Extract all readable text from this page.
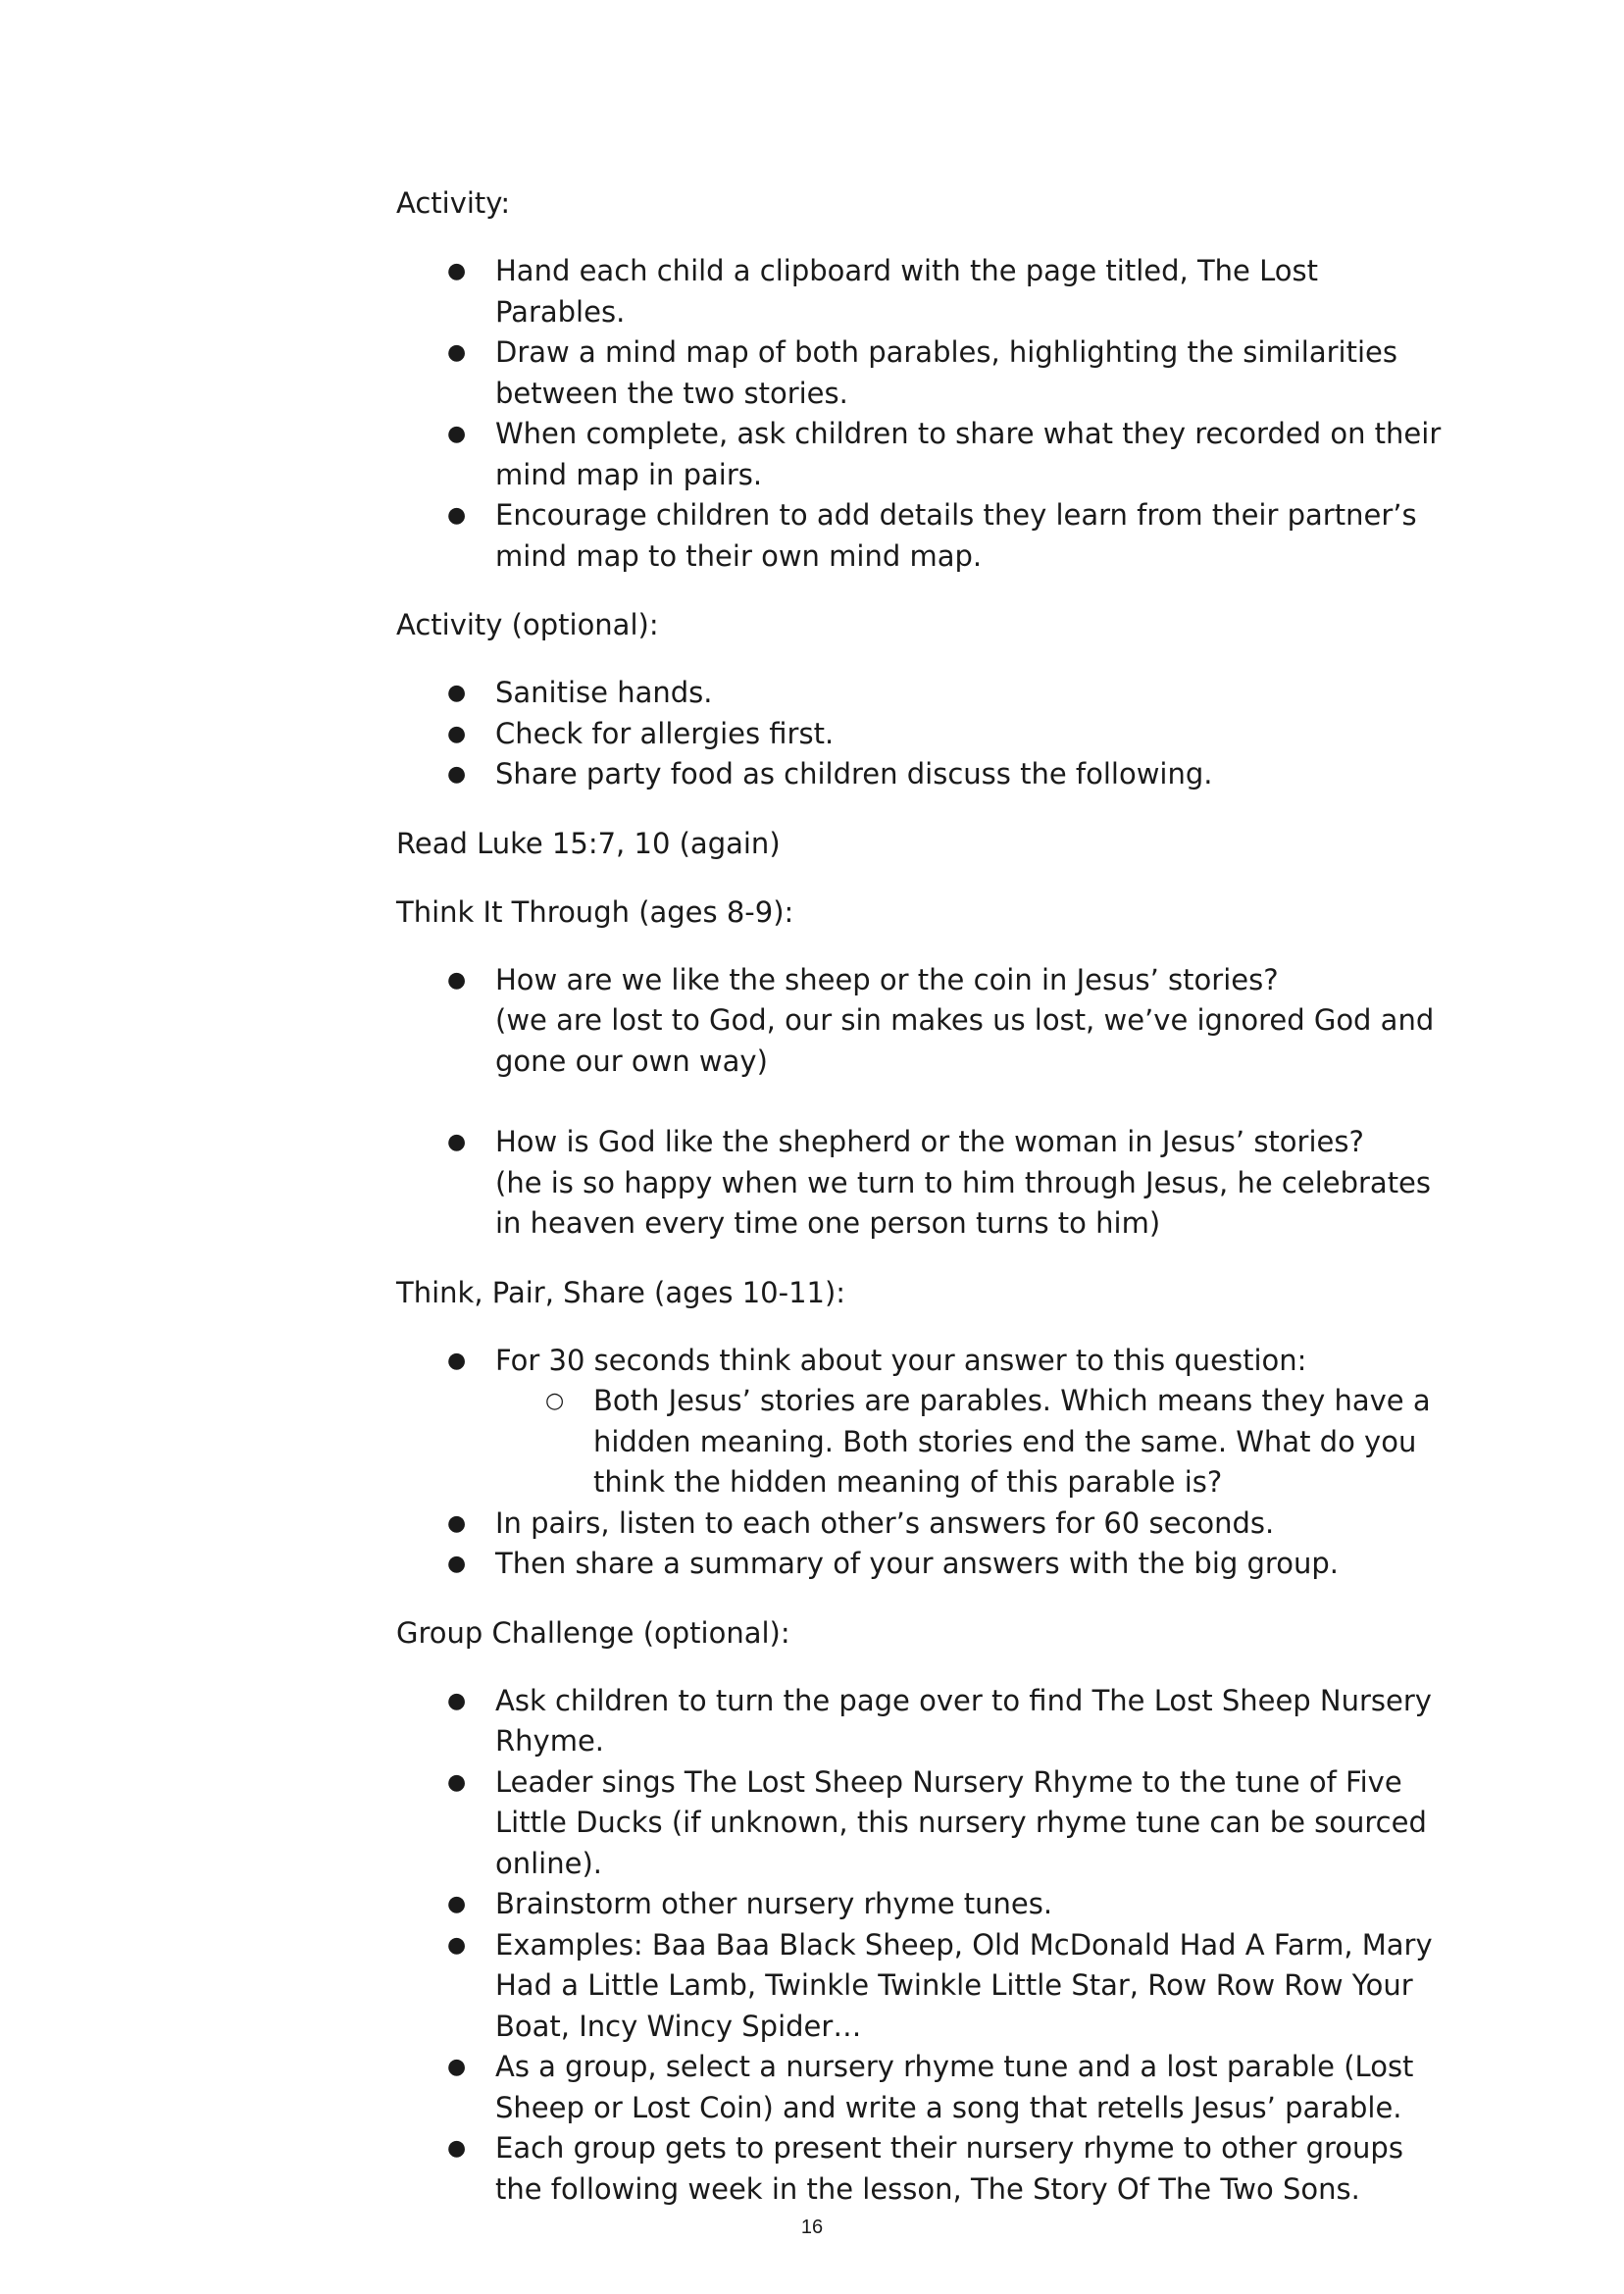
Activity:
● Hand each child a clipboard with the page titled, The Lost Parables.
● Draw a mind map of both parables, highlighting the similarities between the two stories.
● When complete, ask children to share what they recorded on their mind map in pairs.
● Encourage children to add details they learn from their partner’s mind map to their own mind map.
Activity (optional):
● Sanitise hands.
● Check for allergies first.
● Share party food as children discuss the following.
Read Luke 15:7, 10 (again)
Think It Through (ages 8-9):
● How are we like the sheep or the coin in Jesus’ stories?
(we are lost to God, our sin makes us lost, we’ve ignored God and gone our own way)
● How is God like the shepherd or the woman in Jesus’ stories?
(he is so happy when we turn to him through Jesus, he celebrates in heaven every time one person turns to him)
Think, Pair, Share (ages 10-11):
● For 30 seconds think about your answer to this question:
○ Both Jesus’ stories are parables. Which means they have a hidden meaning. Both stories end the same. What do you think the hidden meaning of this parable is?
● In pairs, listen to each other’s answers for 60 seconds.
● Then share a summary of your answers with the big group.
Group Challenge (optional):
● Ask children to turn the page over to find The Lost Sheep Nursery Rhyme.
● Leader sings The Lost Sheep Nursery Rhyme to the tune of Five Little Ducks (if unknown, this nursery rhyme tune can be sourced online).
● Brainstorm other nursery rhyme tunes.
● Examples: Baa Baa Black Sheep, Old McDonald Had A Farm, Mary Had a Little Lamb, Twinkle Twinkle Little Star, Row Row Row Your Boat, Incy Wincy Spider…
● As a group, select a nursery rhyme tune and a lost parable (Lost Sheep or Lost Coin) and write a song that retells Jesus’ parable.
● Each group gets to present their nursery rhyme to other groups the following week in the lesson, The Story Of The Two Sons.
16
